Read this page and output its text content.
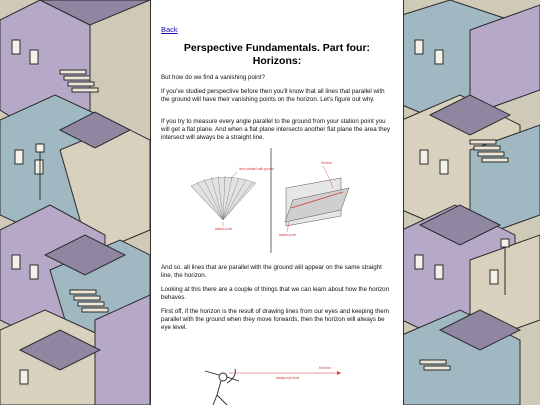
Back
Perspective Fundamentals. Part four: Horizons:

But how do we find a vanishing point?

If you've studied perspective before then you'll know that all lines that parallel with the ground will have their vanishing points on the horizon. Let's figure out why.

If you try to measure every angle parallel to the ground from your station point you will get a flat plane. And when a flat plane intersects another flat plane the area they intersect will always be a straight line.

lines parallel with ground
station point
Horizon
station point

And so. all lines that are parallel with the ground will appear on the same straight line, the horizon.

Looking at this there are a couple of things that we can learn about how the horizon behaves.

First off, if the horizon is the result of drawing lines from our eyes and keeping them parallel with the ground when they move forwards, then the horizon will always be eye level.

Horizon
always eye level
